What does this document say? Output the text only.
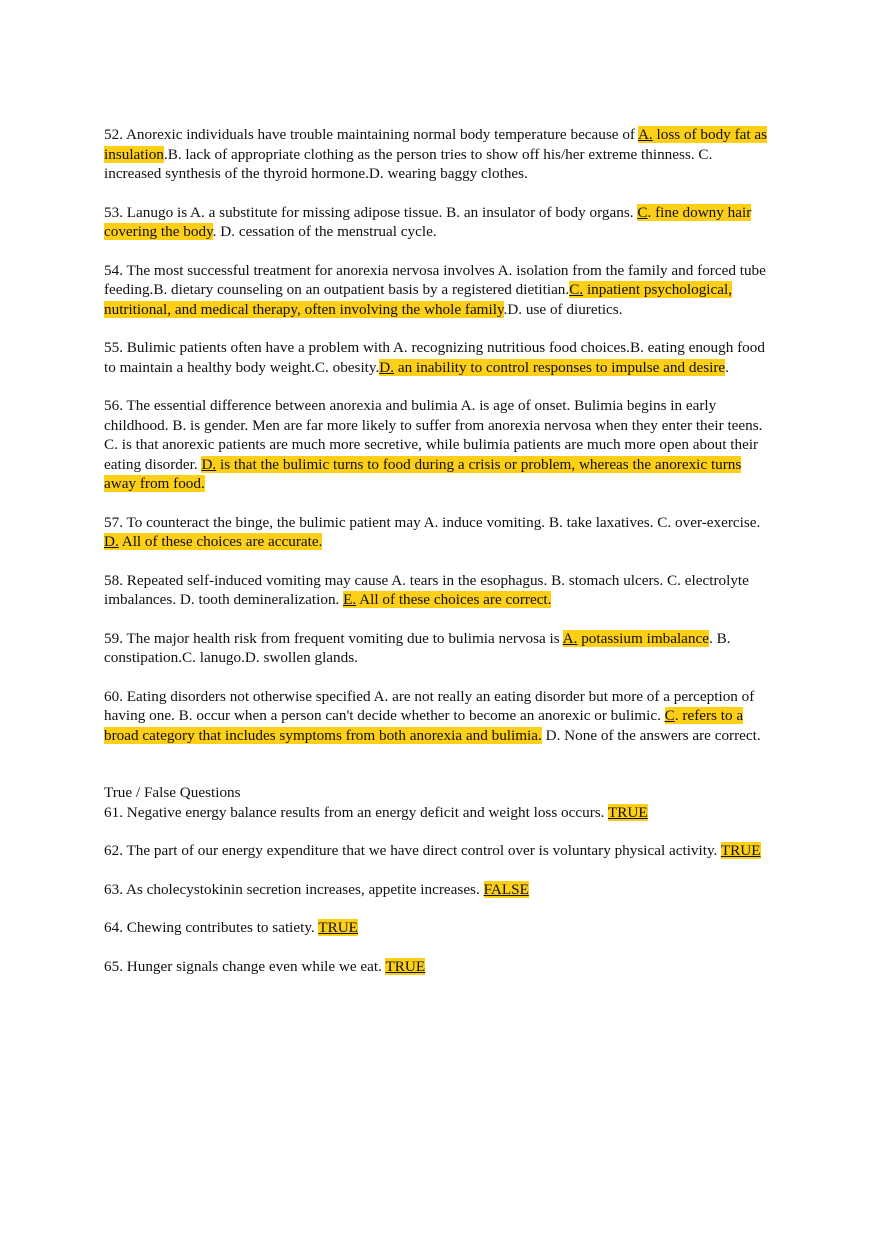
52. Anorexic individuals have trouble maintaining normal body temperature because of A. loss of body fat as insulation.B. lack of appropriate clothing as the person tries to show off his/her extreme thinness. C. increased synthesis of the thyroid hormone.D. wearing baggy clothes.

53. Lanugo is A. a substitute for missing adipose tissue. B. an insulator of body organs. C. fine downy hair covering the body. D. cessation of the menstrual cycle.

54. The most successful treatment for anorexia nervosa involves A. isolation from the family and forced tube feeding.B. dietary counseling on an outpatient basis by a registered dietitian.C. inpatient psychological, nutritional, and medical therapy, often involving the whole family.D. use of diuretics.

55. Bulimic patients often have a problem with A. recognizing nutritious food choices.B. eating enough food to maintain a healthy body weight.C. obesity.D. an inability to control responses to impulse and desire.

56. The essential difference between anorexia and bulimia A. is age of onset. Bulimia begins in early childhood. B. is gender. Men are far more likely to suffer from anorexia nervosa when they enter their teens. C. is that anorexic patients are much more secretive, while bulimia patients are much more open about their eating disorder. D. is that the bulimic turns to food during a crisis or problem, whereas the anorexic turns away from food.

57. To counteract the binge, the bulimic patient may A. induce vomiting. B. take laxatives. C. over-exercise. D. All of these choices are accurate.

58. Repeated self-induced vomiting may cause A. tears in the esophagus. B. stomach ulcers. C. electrolyte imbalances. D. tooth demineralization. E. All of these choices are correct.

59. The major health risk from frequent vomiting due to bulimia nervosa is A. potassium imbalance. B. constipation.C. lanugo.D. swollen glands.

60. Eating disorders not otherwise specified A. are not really an eating disorder but more of a perception of having one. B. occur when a person can't decide whether to become an anorexic or bulimic. C. refers to a broad category that includes symptoms from both anorexia and bulimia. D. None of the answers are correct.

True / False Questions

61. Negative energy balance results from an energy deficit and weight loss occurs. TRUE

62. The part of our energy expenditure that we have direct control over is voluntary physical activity. TRUE

63. As cholecystokinin secretion increases, appetite increases. FALSE

64. Chewing contributes to satiety. TRUE

65. Hunger signals change even while we eat. TRUE
